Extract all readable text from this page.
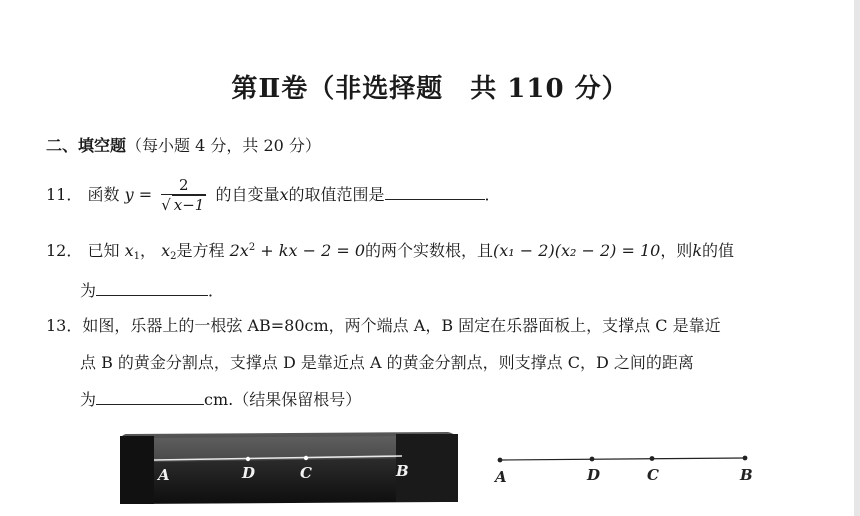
第Ⅱ卷（非选择题　共 110 分）
二、填空题（每小题 4 分，共 20 分）
11． 函数 $y = \frac{2}{√ x-1}$ 的自变量x的取值范围是	．
12． 已知 $x_1$， $x_2$是方程 $2x^2$ + kx − 2 = 0的两个实数根，且(x₁ − 2)(x₂ − 2) = 10，则k的值
为	．
13．如图，乐器上的一根弦 AB=80cm，两个端点 A，B 固定在乐器面板上，支撑点 C 是靠近
点 B 的黄金分割点，支撑点 D 是靠近点 A 的黄金分割点，则支撑点 C，D 之间的距离
为	cm.（结果保留根号）
A	D	C	B	A	D	C	B
